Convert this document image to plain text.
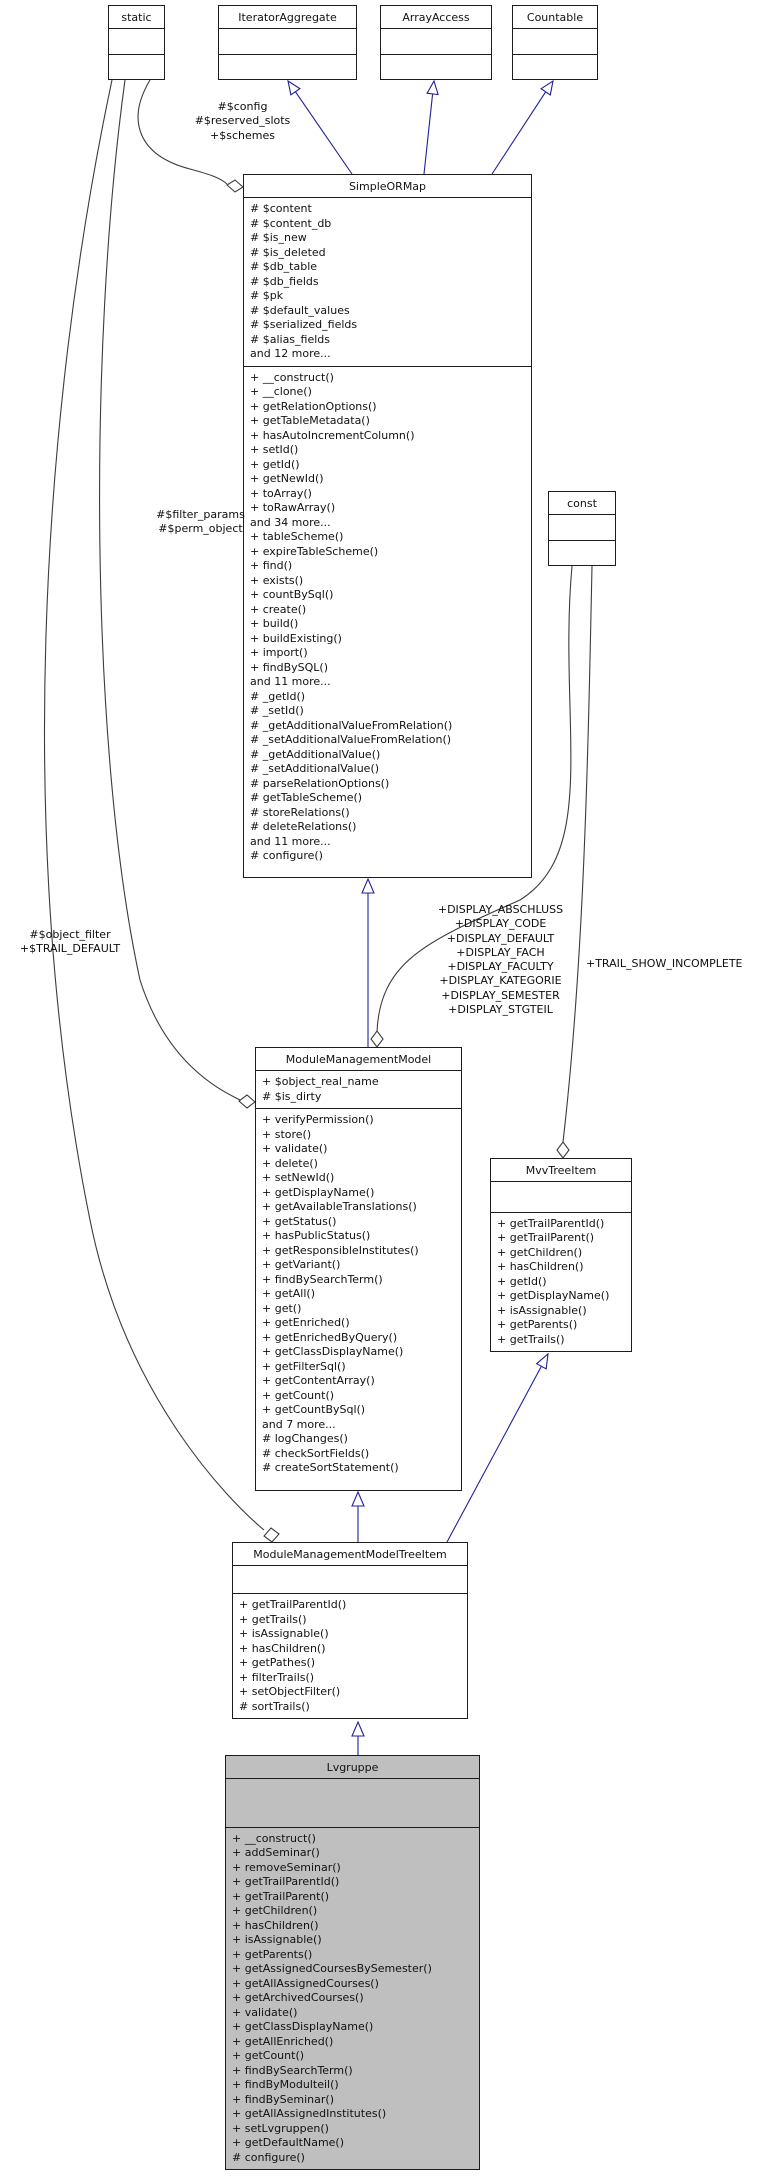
static	IteratorAggregate	ArrayAccess	Countable
const
SimpleORMap
# $content
# $content_db
# $is_new
# $is_deleted
# $db_table
# $db_fields
# $pk
# $default_values
# $serialized_fields
# $alias_fields
and 12 more...
+ __construct()
+ __clone()
+ getRelationOptions()
+ getTableMetadata()
+ hasAutoIncrementColumn()
+ setId()
+ getId()
+ getNewId()
+ toArray()
+ toRawArray()
and 34 more...
+ tableScheme()
+ expireTableScheme()
+ find()
+ exists()
+ countBySql()
+ create()
+ build()
+ buildExisting()
+ import()
+ findBySQL()
and 11 more...
# _getId()
# _setId()
# _getAdditionalValueFromRelation()
# _setAdditionalValueFromRelation()
# _getAdditionalValue()
# _setAdditionalValue()
# parseRelationOptions()
# getTableScheme()
# storeRelations()
# deleteRelations()
and 11 more...
# configure()
ModuleManagementModel
+ $object_real_name
# $is_dirty
+ verifyPermission()
+ store()
+ validate()
+ delete()
+ setNewId()
+ getDisplayName()
+ getAvailableTranslations()
+ getStatus()
+ hasPublicStatus()
+ getResponsibleInstitutes()
+ getVariant()
+ findBySearchTerm()
+ getAll()
+ get()
+ getEnriched()
+ getEnrichedByQuery()
+ getClassDisplayName()
+ getFilterSql()
+ getContentArray()
+ getCount()
+ getCountBySql()
and 7 more...
# logChanges()
# checkSortFields()
# createSortStatement()
MvvTreeItem
+ getTrailParentId()
+ getTrailParent()
+ getChildren()
+ hasChildren()
+ getId()
+ getDisplayName()
+ isAssignable()
+ getParents()
+ getTrails()
ModuleManagementModelTreeItem
+ getTrailParentId()
+ getTrails()
+ isAssignable()
+ hasChildren()
+ getPathes()
+ filterTrails()
+ setObjectFilter()
# sortTrails()
Lvgruppe
+ __construct()
+ addSeminar()
+ removeSeminar()
+ getTrailParentId()
+ getTrailParent()
+ getChildren()
+ hasChildren()
+ isAssignable()
+ getParents()
+ getAssignedCoursesBySemester()
+ getAllAssignedCourses()
+ getArchivedCourses()
+ validate()
+ getClassDisplayName()
+ getAllEnriched()
+ getCount()
+ findBySearchTerm()
+ findByModulteil()
+ findBySeminar()
+ getAllAssignedInstitutes()
+ setLvgruppen()
+ getDefaultName()
# configure()
#$config
#$reserved_slots
+$schemes
#$filter_params
#$perm_object
#$object_filter
+$TRAIL_DEFAULT
+DISPLAY_ABSCHLUSS
+DISPLAY_CODE
+DISPLAY_DEFAULT
+DISPLAY_FACH
+DISPLAY_FACULTY
+DISPLAY_KATEGORIE
+DISPLAY_SEMESTER
+DISPLAY_STGTEIL
+TRAIL_SHOW_INCOMPLETE
